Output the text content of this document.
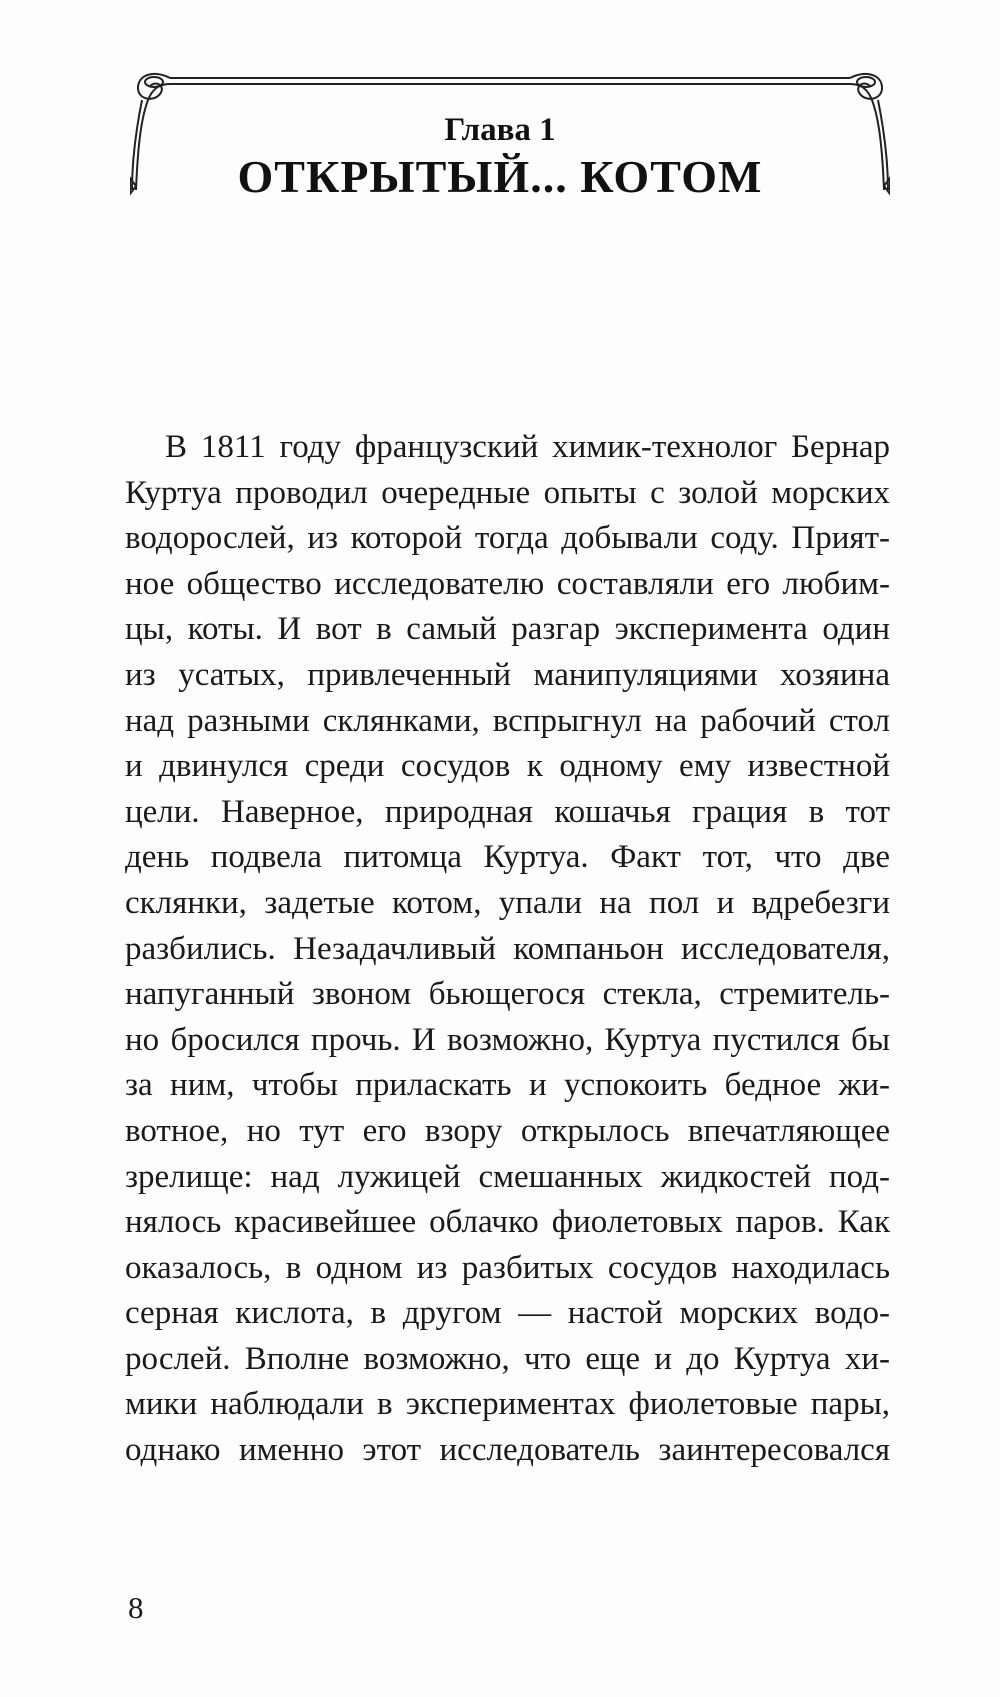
Глава 1
ОТКРЫТЫЙ... КОТОМ
В 1811 году французский химик-технолог Бернар
Куртуа проводил очередные опыты с золой морских
водорослей, из которой тогда добывали соду. Прият-
ное общество исследователю составляли его любим-
цы, коты. И вот в самый разгар эксперимента один
из усатых, привлеченный манипуляциями хозяина
над разными склянками, вспрыгнул на рабочий стол
и двинулся среди сосудов к одному ему известной
цели. Наверное, природная кошачья грация в тот
день подвела питомца Куртуа. Факт тот, что две
склянки, задетые котом, упали на пол и вдребезги
разбились. Незадачливый компаньон исследователя,
напуганный звоном бьющегося стекла, стремитель-
но бросился прочь. И возможно, Куртуа пустился бы
за ним, чтобы приласкать и успокоить бедное жи-
вотное, но тут его взору открылось впечатляющее
зрелище: над лужицей смешанных жидкостей под-
нялось красивейшее облачко фиолетовых паров. Как
оказалось, в одном из разбитых сосудов находилась
серная кислота, в другом — настой морских водо-
рослей. Вполне возможно, что еще и до Куртуа хи-
мики наблюдали в экспериментах фиолетовые пары,
однако именно этот исследователь заинтересовался
8
